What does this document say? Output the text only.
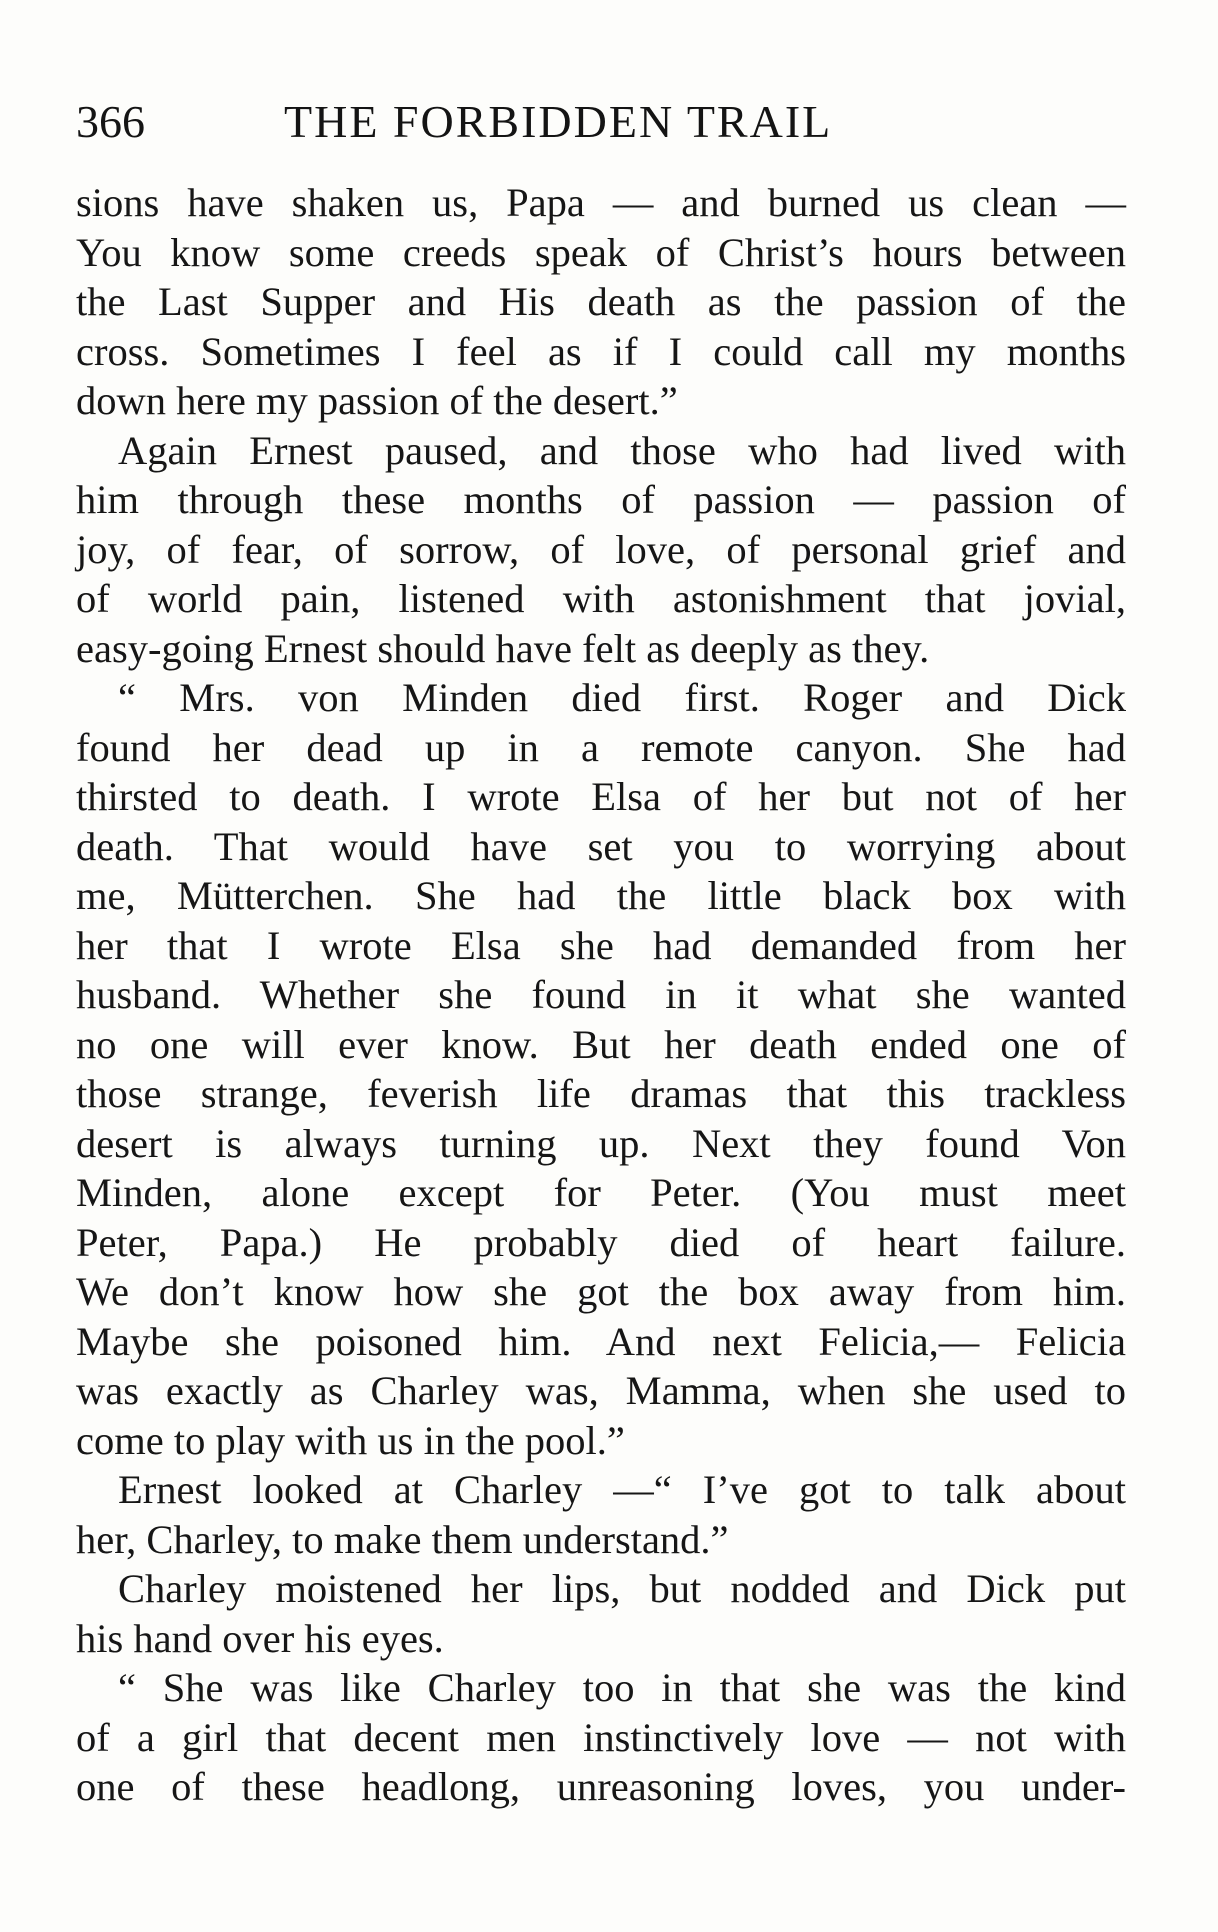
366	THE FORBIDDEN TRAIL
sions have shaken us, Papa — and burned us clean —
You know some creeds speak of Christ’s hours between
the Last Supper and His death as the passion of the
cross. Sometimes I feel as if I could call my months
down here my passion of the desert.”
Again Ernest paused, and those who had lived with
him through these months of passion — passion of
joy, of fear, of sorrow, of love, of personal grief and
of world pain, listened with astonishment that jovial,
easy-going Ernest should have felt as deeply as they.
“ Mrs. von Minden died first. Roger and Dick
found her dead up in a remote canyon. She had
thirsted to death. I wrote Elsa of her but not of her
death. That would have set you to worrying about
me, Mütterchen. She had the little black box with
her that I wrote Elsa she had demanded from her
husband. Whether she found in it what she wanted
no one will ever know. But her death ended one of
those strange, feverish life dramas that this trackless
desert is always turning up. Next they found Von
Minden, alone except for Peter. (You must meet
Peter, Papa.) He probably died of heart failure.
We don’t know how she got the box away from him.
Maybe she poisoned him. And next Felicia,— Felicia
was exactly as Charley was, Mamma, when she used to
come to play with us in the pool.”
Ernest looked at Charley —“ I’ve got to talk about
her, Charley, to make them understand.”
Charley moistened her lips, but nodded and Dick put
his hand over his eyes.
“ She was like Charley too in that she was the kind
of a girl that decent men instinctively love — not with
one of these headlong, unreasoning loves, you under-
